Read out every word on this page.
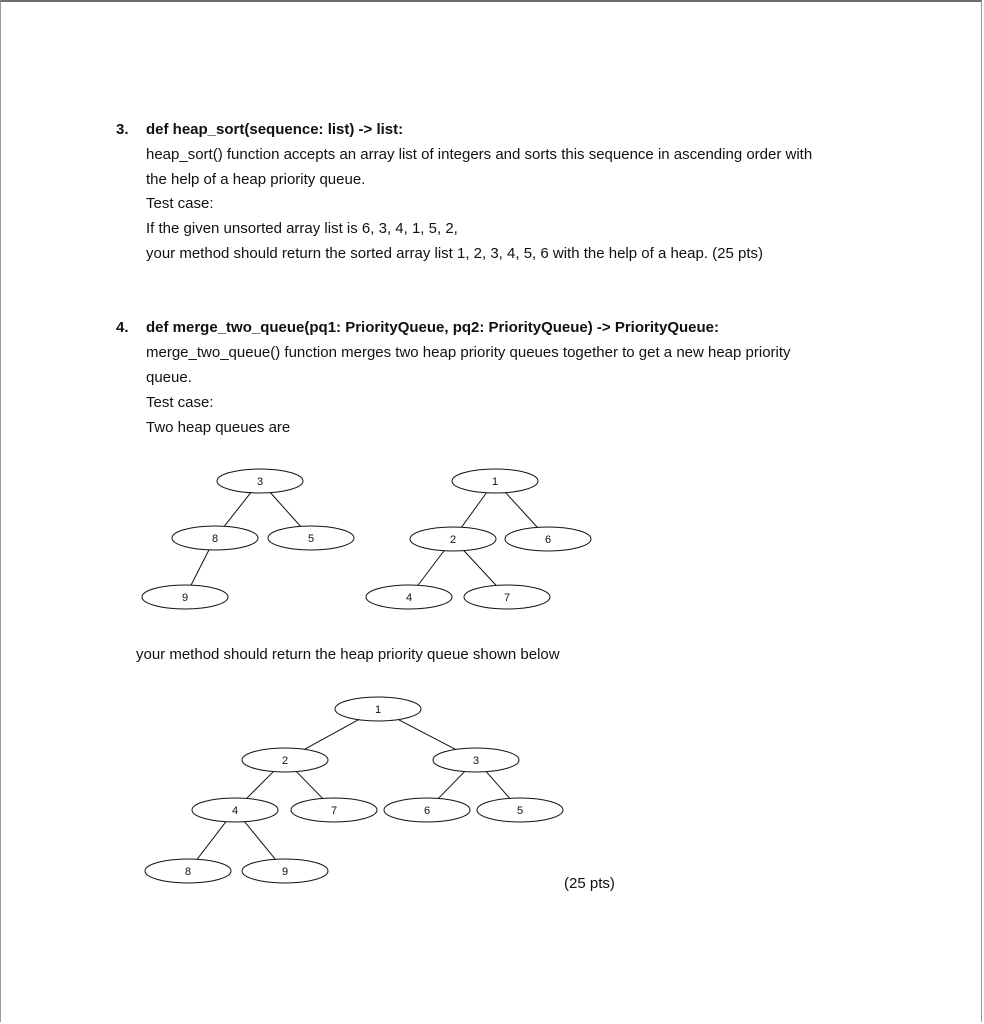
3. def heap_sort(sequence: list) -> list:
heap_sort() function accepts an array list of integers and sorts this sequence in ascending order with
the help of a heap priority queue.
Test case:
If the given unsorted array list is 6, 3, 4, 1, 5, 2,
your method should return the sorted array list 1, 2, 3, 4, 5, 6 with the help of a heap. (25 pts)
4. def merge_two_queue(pq1: PriorityQueue, pq2: PriorityQueue) -> PriorityQueue:
merge_two_queue() function merges two heap priority queues together to get a new heap priority
queue.
Test case:
Two heap queues are
your method should return the heap priority queue shown below
(25 pts)
3
8	5
9
1
2	6
4	7
1
2	3
4	7	6	5
8	9
